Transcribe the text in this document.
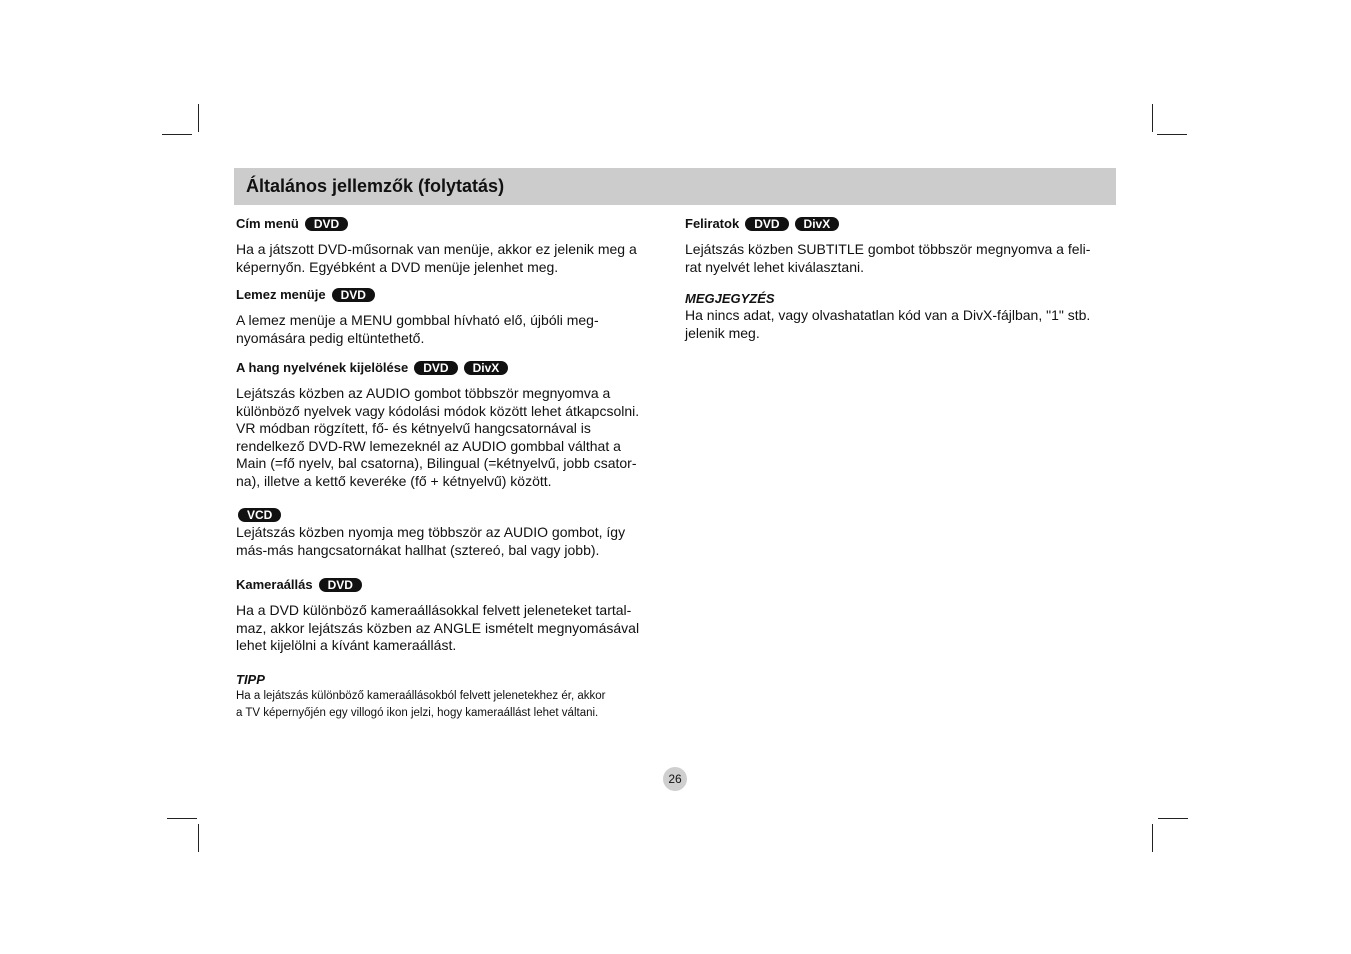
Általános jellemzők (folytatás)

Cím menü	DVD

Ha a játszott DVD-műsornak van menüje, akkor ez jelenik meg a
képernyőn. Egyébként a DVD menüje jelenhet meg.

Lemez menüje	DVD

A lemez menüje a MENU gombbal hívható elő, újbóli meg-
nyomására pedig eltüntethető.

A hang nyelvének kijelölése	DVD	DivX

Lejátszás közben az AUDIO gombot többször megnyomva a
különböző nyelvek vagy kódolási módok között lehet átkapcsolni.
VR módban rögzített, fő- és kétnyelvű hangcsatornával is
rendelkező DVD-RW lemezeknél az AUDIO gombbal válthat a
Main (=fő nyelv, bal csatorna), Bilingual (=kétnyelvű, jobb csator-
na), illetve a kettő keveréke (fő + kétnyelvű) között.

VCD

Lejátszás közben nyomja meg többször az AUDIO gombot, így
más-más hangcsatornákat hallhat (sztereó, bal vagy jobb).

Kameraállás	DVD

Ha a DVD különböző kameraállásokkal felvett jeleneteket tartal-
maz, akkor lejátszás közben az ANGLE ismételt megnyomásával
lehet kijelölni a kívánt kameraállást.

TIPP

Ha a lejátszás különböző kameraállásokból felvett jelenetekhez ér, akkor
a TV képernyőjén egy villogó ikon jelzi, hogy kameraállást lehet váltani.

Feliratok	DVD	DivX

Lejátszás közben SUBTITLE gombot többször megnyomva a feli-
rat nyelvét lehet kiválasztani.

MEGJEGYZÉS

Ha nincs adat, vagy olvashatatlan kód van a DivX-fájlban, "1" stb.
jelenik meg.

26
